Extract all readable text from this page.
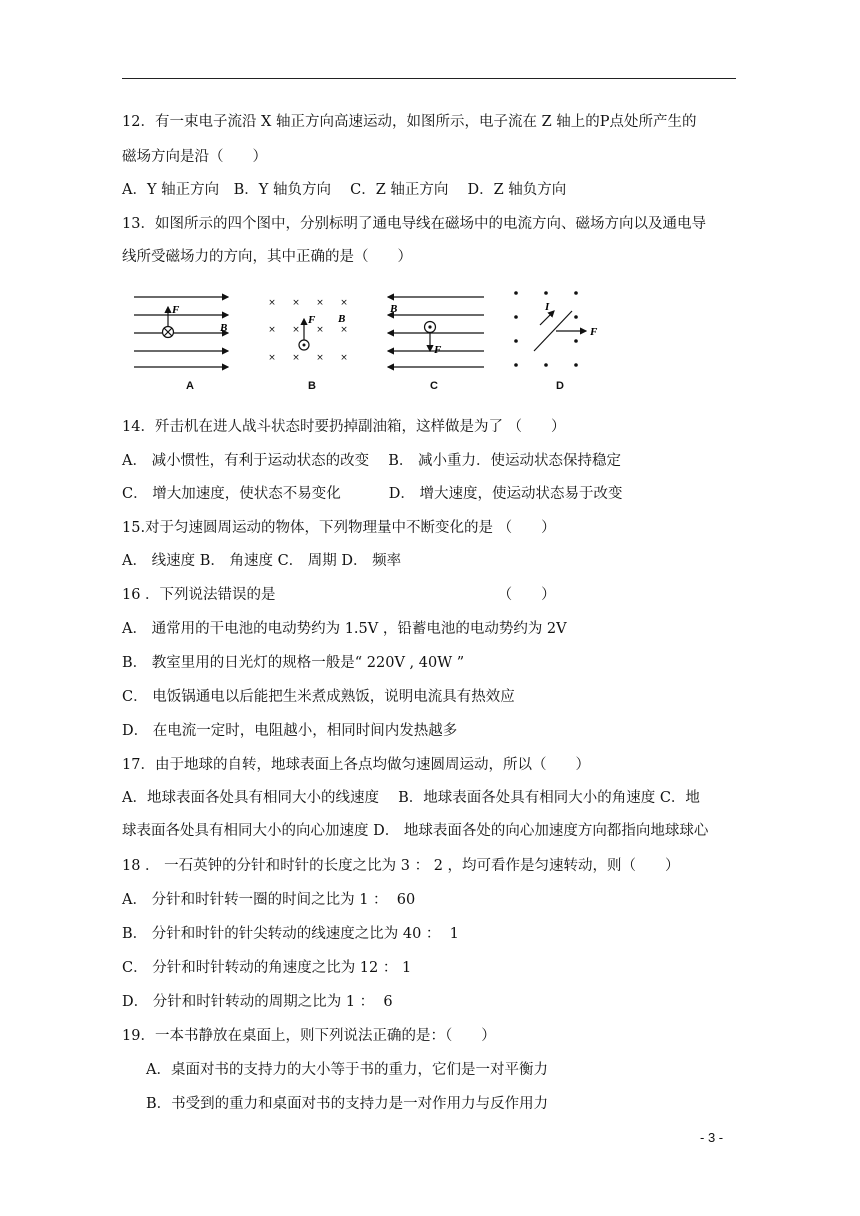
12．有一束电子流沿 X 轴正方向高速运动，如图所示，电子流在 Z 轴上的P点处所产生的
磁场方向是沿（　　）
A．Y 轴正方向　B．Y 轴负方向　 C．Z 轴正方向　 D．Z 轴负方向
13．如图所示的四个图中，分别标明了通电导线在磁场中的电流方向、磁场方向以及通电导
线所受磁场力的方向，其中正确的是（　　）
F
B
A
× × × ×
× × × ×
× × × ×
F B
B
F
B
C
I
F
D
14．歼击机在进人战斗状态时要扔掉副油箱，这样做是为了 （　　）
A． 减小惯性，有利于运动状态的改变　 B． 减小重力．使运动状态保持稳定
C． 增大加速度，使状态不易变化　　　 D． 增大速度，使运动状态易于改变
15.对于匀速圆周运动的物体，下列物理量中不断变化的是 （　　）
A． 线速度 B． 角速度 C． 周期 D． 频率
16 ．下列说法错误的是　　　　　　　　　　　　　　　 （　　）
A． 通常用的干电池的电动势约为 1.5V ，铅蓄电池的电动势约为 2V
B． 教室里用的日光灯的规格一般是“ 220V , 40W ”
C． 电饭锅通电以后能把生米煮成熟饭，说明电流具有热效应
D． 在电流一定时，电阻越小，相同时间内发热越多
17．由于地球的自转，地球表面上各点均做匀速圆周运动，所以（　　）
A．地球表面各处具有相同大小的线速度　 B．地球表面各处具有相同大小的角速度 C．地
球表面各处具有相同大小的向心加速度 D． 地球表面各处的向心加速度方向都指向地球球心
18 ． 一石英钟的分针和时针的长度之比为 3 ： 2 ，均可看作是匀速转动，则（　　）
A． 分针和时针转一圈的时间之比为 1 ：  60
B． 分针和时针的针尖转动的线速度之比为 40 ：  1
C． 分针和时针转动的角速度之比为 12 ： 1
D． 分针和时针转动的周期之比为 1 ：  6
19．一本书静放在桌面上，则下列说法正确的是：（　　）
A．桌面对书的支持力的大小等于书的重力，它们是一对平衡力
B．书受到的重力和桌面对书的支持力是一对作用力与反作用力
- 3 -
